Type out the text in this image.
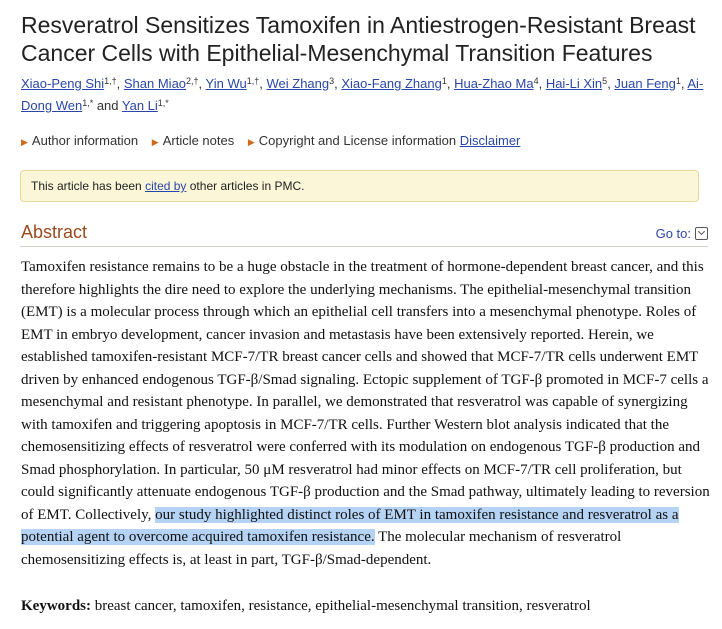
Resveratrol Sensitizes Tamoxifen in Antiestrogen-Resistant Breast Cancer Cells with Epithelial-Mesenchymal Transition Features
Xiao-Peng Shi$^{1,\dagger}$, Shan Miao$^{2,\dagger}$, Yin $Wu^{1,\dagger}$, Wei Zhang$^3$, Xiao-Fang Zhang$^1$, Hua-Zhao Ma$^4$, Hai-Li Xin$^5$, Juan Feng$^1$, Ai-Dong Wen$^{1,*}$ and Yan $Li^{1,*}$
▶ Author information ▶ Article notes ▶ Copyright and License information Disclaimer
This article has been cited by other articles in PMC.
Abstract	Go to:
Tamoxifen resistance remains to be a huge obstacle in the treatment of hormone-dependent breast cancer, and this therefore highlights the dire need to explore the underlying mechanisms. The epithelial-mesenchymal transition (EMT) is a molecular process through which an epithelial cell transfers into a mesenchymal phenotype. Roles of EMT in embryo development, cancer invasion and metastasis have been extensively reported. Herein, we established tamoxifen-resistant MCF-7/TR breast cancer cells and showed that MCF-7/TR cells underwent EMT driven by enhanced endogenous TGF-β/Smad signaling. Ectopic supplement of TGF-β promoted in MCF-7 cells a mesenchymal and resistant phenotype. In parallel, we demonstrated that resveratrol was capable of synergizing with tamoxifen and triggering apoptosis in MCF-7/TR cells. Further Western blot analysis indicated that the chemosensitizing effects of resveratrol were conferred with its modulation on endogenous TGF-β production and Smad phosphorylation. In particular, 50 μM resveratrol had minor effects on MCF-7/TR cell proliferation, but could significantly attenuate endogenous TGF-β production and the Smad pathway, ultimately leading to reversion of EMT. Collectively, our study highlighted distinct roles of EMT in tamoxifen resistance and resveratrol as a potential agent to overcome acquired tamoxifen resistance. The molecular mechanism of resveratrol chemosensitizing effects is, at least in part, TGF-β/Smad-dependent.
Keywords: breast cancer, tamoxifen, resistance, epithelial-mesenchymal transition, resveratrol
